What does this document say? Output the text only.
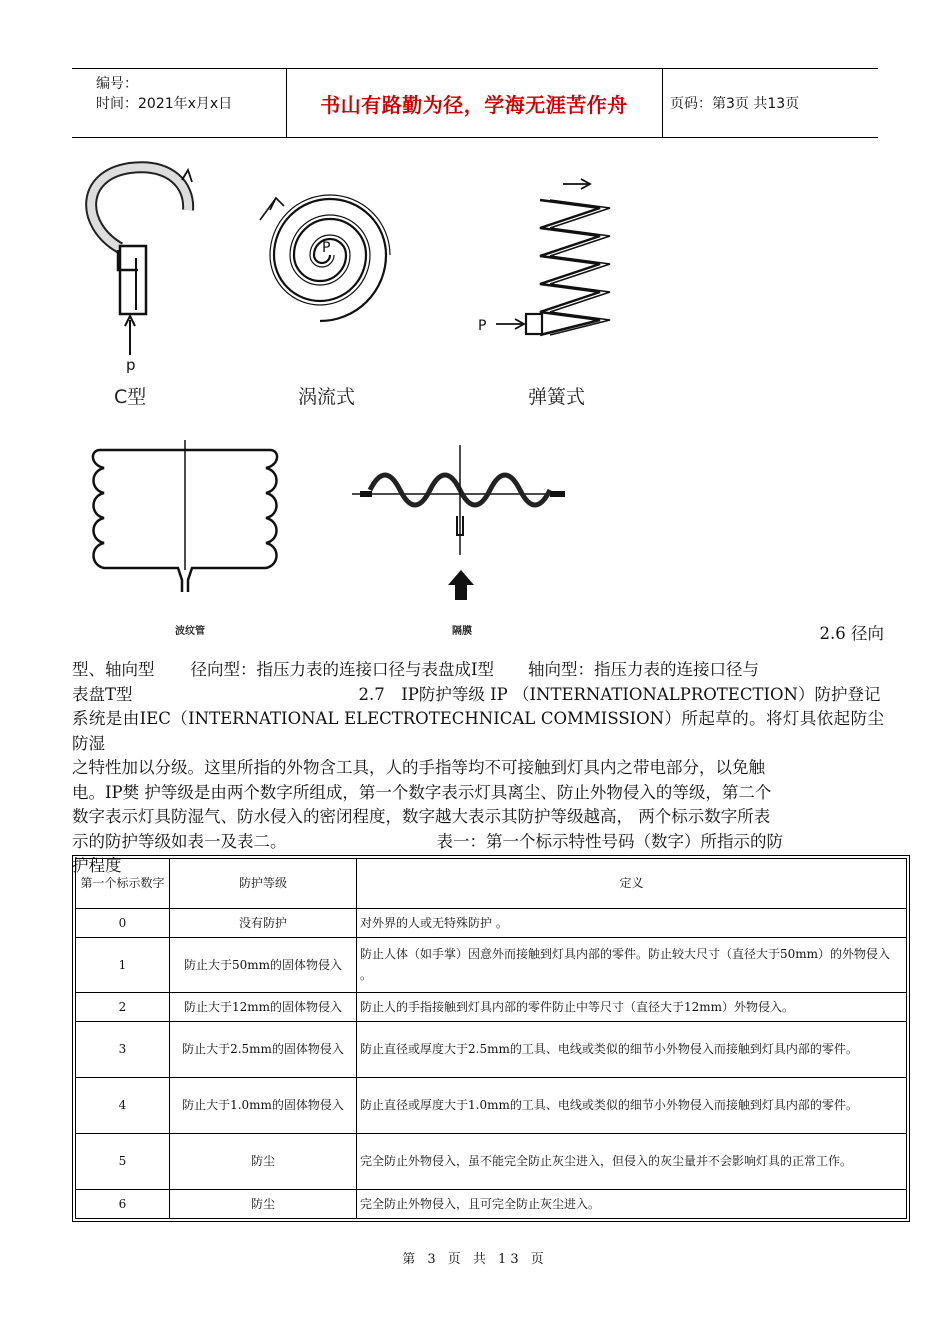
编号：
时间：2021年x月x日	书山有路勤为径，学海无涯苦作舟	页码：第3页 共13页
P
p
P
C型	涡流式	弹簧式
波纹管	隔膜	2.6 径向

型、轴向型 径向型：指压力表的连接口径与表盘成Ⅰ型 轴向型：指压力表的连接口径与

表盘T型	2.7　IP防护等级 IP （INTERNATIONALPROTECTION）防护登记

系统是由IEC（INTERNATIONAL ELECTROTECHNICAL COMMISSION）所起草的。将灯具依起防尘防湿

之特性加以分级。这里所指的外物含工具，人的手指等均不可接触到灯具内之带电部分，以免触

电。IP樊 护等级是由两个数字所组成，第一个数字表示灯具离尘、防止外物侵入的等级，第二个

数字表示灯具防湿气、防水侵入的密闭程度，数字越大表示其防护等级越高， 两个标示数字所表

示的防护等级如表一及表二。	表一：第一个标示特性号码（数字）所指示的防

护程度

第一个标示数字	防护等级	定义
0	没有防护	对外界的人或无特殊防护 。
1	防止大于50mm的固体物侵入	防止人体（如手掌）因意外而接触到灯具内部的零件。防止较大尺寸（直径大于50mm）的外物侵入 。
2	防止大于12mm的固体物侵入	防止人的手指接触到灯具内部的零件防止中等尺寸（直径大于12mm）外物侵入。
3	防止大于2.5mm的固体物侵入	防止直径或厚度大于2.5mm的工具、电线或类似的细节小外物侵入而接触到灯具内部的零件。
4	防止大于1.0mm的固体物侵入	防止直径或厚度大于1.0mm的工具、电线或类似的细节小外物侵入而接触到灯具内部的零件。
5	防尘	完全防止外物侵入，虽不能完全防止灰尘进入，但侵入的灰尘量并不会影响灯具的正常工作。
6	防尘	完全防止外物侵入，且可完全防止灰尘进入。
第 3 页 共 13 页
